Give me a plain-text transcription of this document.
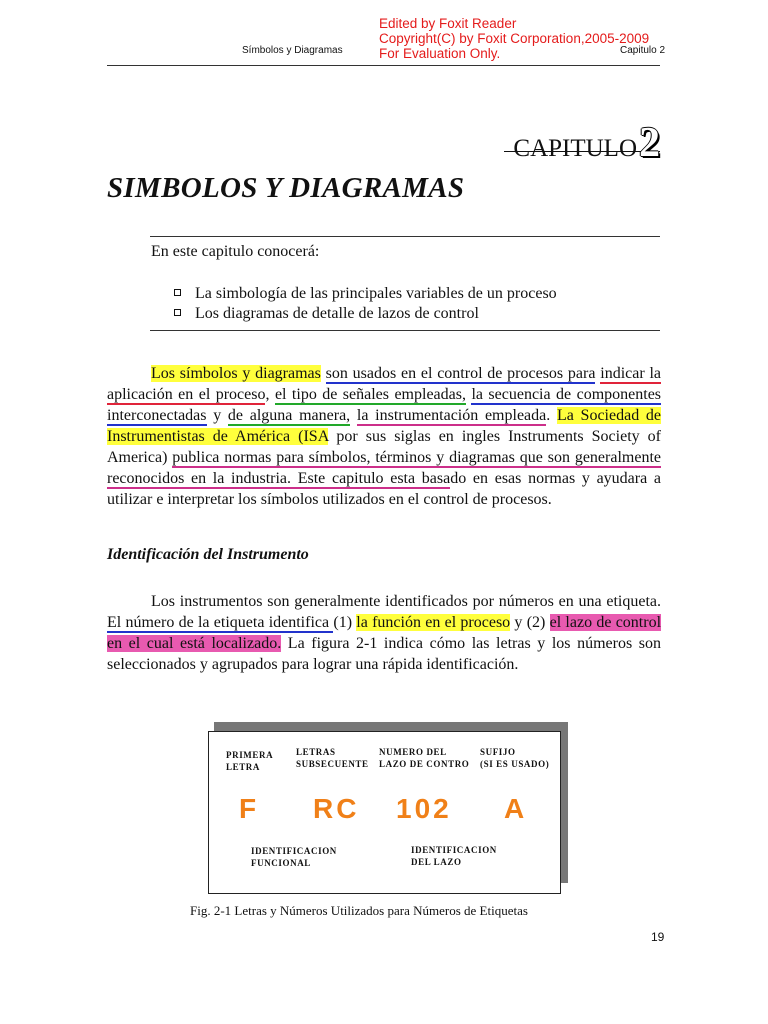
Símbolos y Diagramas	Capitulo 2
Edited by Foxit Reader
Copyright(C) by Foxit Corporation,2005-2009
For Evaluation Only.
CAPITULO2
SIMBOLOS Y DIAGRAMAS
En este capitulo conocerá:
La simbología de las principales variables de un proceso
Los diagramas de detalle de lazos de control
Los símbolos y diagramas son usados en el control de procesos para indicar la aplicación en el proceso, el tipo de señales empleadas, la secuencia de componentes interconectadas y de alguna manera, la instrumentación empleada. La Sociedad de Instrumentistas de América (ISA por sus siglas en ingles Instruments Society of America) publica normas para símbolos, términos y diagramas que son generalmente reconocidos en la industria. Este capitulo esta basado en esas normas y ayudara a utilizar e interpretar los símbolos utilizados en el control de procesos.
Identificación del Instrumento
Los instrumentos son generalmente identificados por números en una etiqueta. El número de la etiqueta identifica (1) la función en el proceso y (2) el lazo de control en el cual está localizado. La figura 2-1 indica cómo las letras y los números son seleccionados y agrupados para lograr una rápida identificación.
PRIMERA
LETRA
LETRAS
SUBSECUENTE
NUMERO DEL
LAZO DE CONTRO
SUFIJO
(SI ES USADO)
F RC 102 A
IDENTIFICACION
FUNCIONAL
IDENTIFICACION
DEL LAZO
Fig. 2-1 Letras y Números Utilizados para Números de Etiquetas
19
